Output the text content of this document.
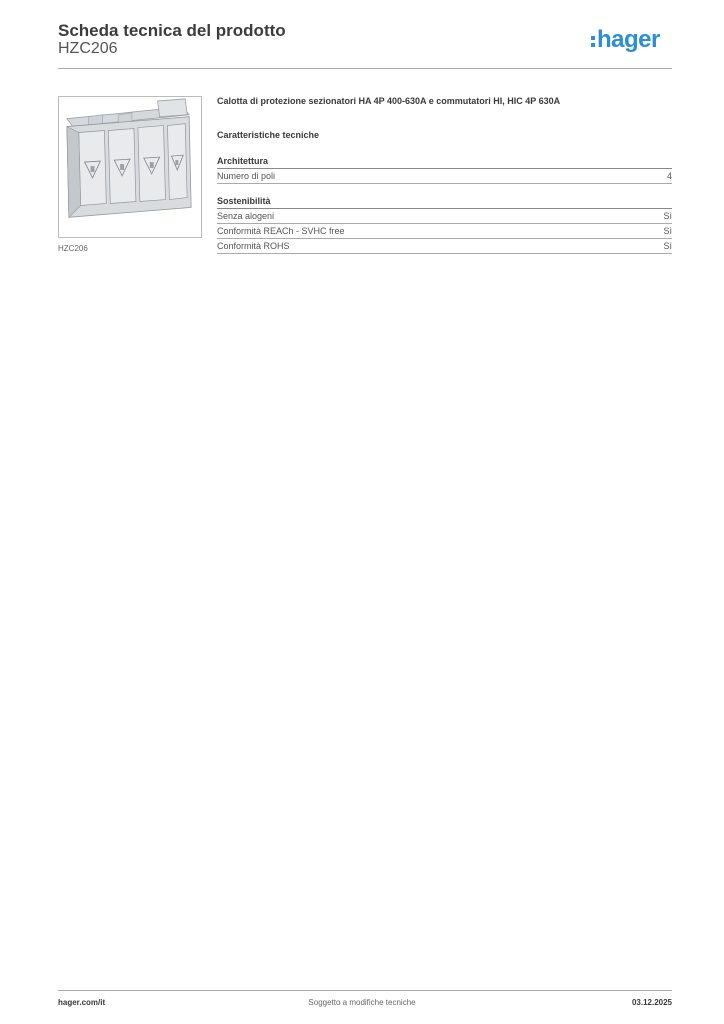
Scheda tecnica del prodotto
HZC206	hager
HZC206

Calotta di protezione sezionatori HA 4P 400-630A e commutatori HI, HIC 4P 630A

Caratteristiche tecniche

Architettura

Numero di poli	4

Sostenibilità

Senza alogeni	Sì
Conformità REACh - SVHC free	Sì
Conformità ROHS	Sì
hager.com/it	Soggetto a modifiche tecniche	03.12.2025
